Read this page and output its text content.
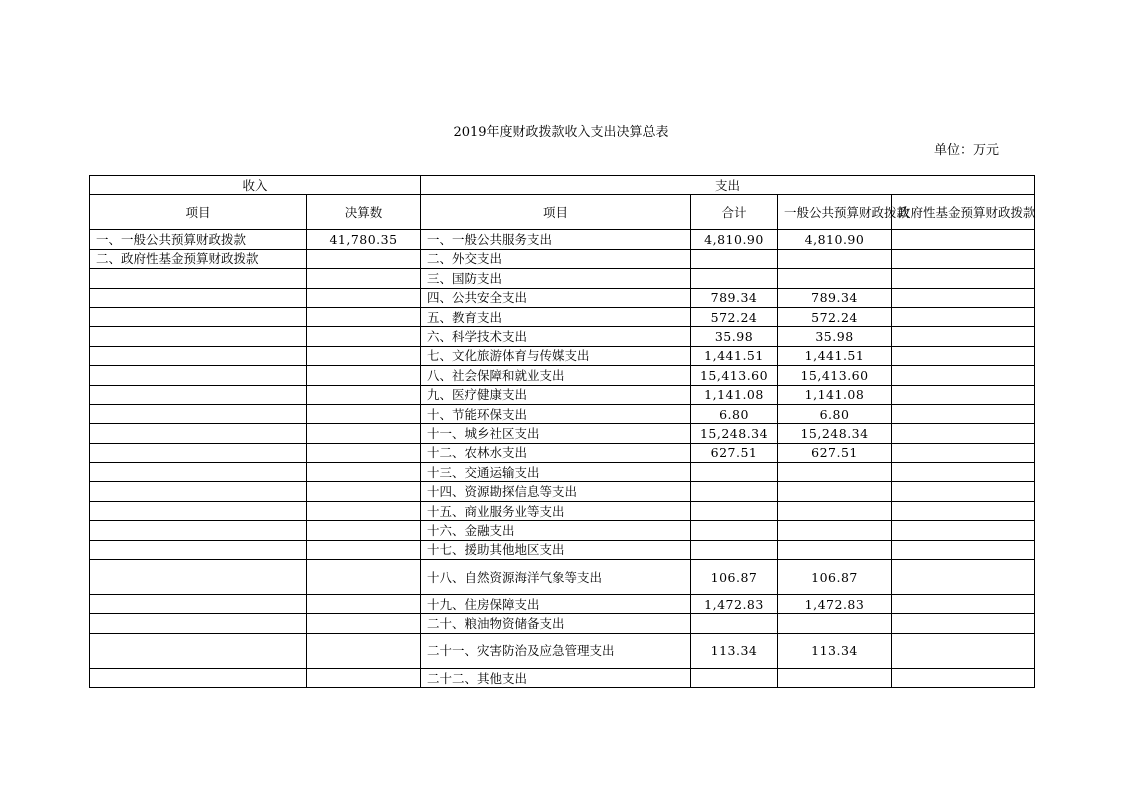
2019年度财政拨款收入支出决算总表
单位：万元
收入		支出			
项目	决算数	项目	合计	一般公共预算财政拨款	政府性基金预算财政拨款
一、一般公共预算财政拨款	41,780.35	一、一般公共服务支出	4,810.90	4,810.90	
二、政府性基金预算财政拨款		二、外交支出			
		三、国防支出			
		四、公共安全支出	789.34	789.34	
		五、教育支出	572.24	572.24	
		六、科学技术支出	35.98	35.98	
		七、文化旅游体育与传媒支出	1,441.51	1,441.51	
		八、社会保障和就业支出	15,413.60	15,413.60	
		九、医疗健康支出	1,141.08	1,141.08	
		十、节能环保支出	6.80	6.80	
		十一、城乡社区支出	15,248.34	15,248.34	
		十二、农林水支出	627.51	627.51	
		十三、交通运输支出			
		十四、资源勘探信息等支出			
		十五、商业服务业等支出			
		十六、金融支出			
		十七、援助其他地区支出			
		十八、自然资源海洋气象等支出	106.87	106.87	
		十九、住房保障支出	1,472.83	1,472.83	
		二十、粮油物资储备支出			
		二十一、灾害防治及应急管理支出	113.34	113.34	
		二十二、其他支出			
